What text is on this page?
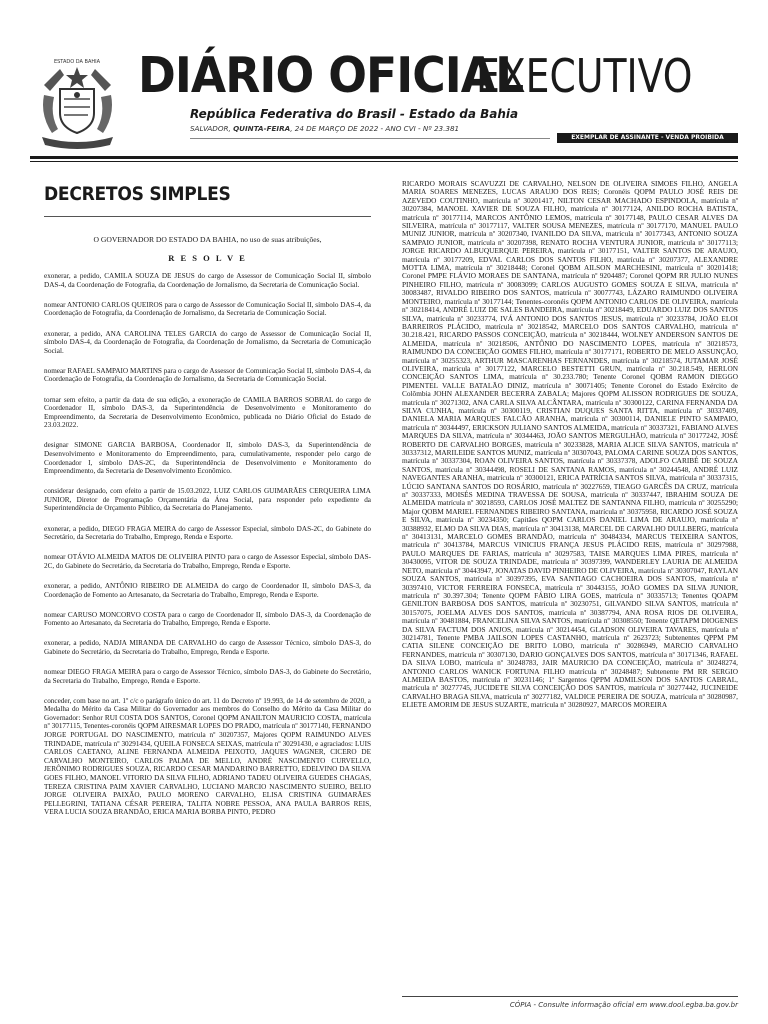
ESTADO DA BAHIA DIÁRIO OFICIAL
EXECUTIVO
República Federativa do Brasil - Estado da Bahia
SALVADOR, QUINTA-FEIRA, 24 DE MARÇO DE 2022 - ANO CVI - Nº 23.381
EXEMPLAR DE ASSINANTE - VENDA PROIBIDA
DECRETOS SIMPLES

O GOVERNADOR DO ESTADO DA BAHIA, no uso de suas atribuições,

R E S O L V E

exonerar, a pedido, CAMILA SOUZA DE JESUS do cargo de Assessor de Comunicação Social II, símbolo DAS-4, da Coordenação de Fotografia, da Coordenação de Jornalismo, da Secretaria de Comunicação Social.

nomear ANTONIO CARLOS QUEIROS para o cargo de Assessor de Comunicação Social II, símbolo DAS-4, da Coordenação de Fotografia, da Coordenação de Jornalismo, da Secretaria de Comunicação Social.

exonerar, a pedido, ANA CAROLINA TELES GARCIA do cargo de Assessor de Comunicação Social II, símbolo DAS-4, da Coordenação de Fotografia, da Coordenação de Jornalismo, da Secretaria de Comunicação Social.

nomear RAFAEL SAMPAIO MARTINS para o cargo de Assessor de Comunicação Social II, símbolo DAS-4, da Coordenação de Fotografia, da Coordenação de Jornalismo, da Secretaria de Comunicação Social.

tornar sem efeito, a partir da data de sua edição, a exoneração de CAMILA BARROS SOBRAL do cargo de Coordenador II, símbolo DAS-3, da Superintendência de Desenvolvimento e Monitoramento do Empreendimento, da Secretaria de Desenvolvimento Econômico, publicada no Diário Oficial do Estado de 23.03.2022.

designar SIMONE GARCIA BARBOSA, Coordenador II, símbolo DAS-3, da Superintendência de Desenvolvimento e Monitoramento do Empreendimento, para, cumulativamente, responder pelo cargo de Coordenador I, símbolo DAS-2C, da Superintendência de Desenvolvimento e Monitoramento do Empreendimento, da Secretaria de Desenvolvimento Econômico.

considerar designado, com efeito a partir de 15.03.2022, LUIZ CARLOS GUIMARÃES CERQUEIRA LIMA JUNIOR, Diretor de Programação Orçamentária da Área Social, para responder pelo expediente da Superintendência de Orçamento Público, da Secretaria do Planejamento.

exonerar, a pedido, DIEGO FRAGA MEIRA do cargo de Assessor Especial, símbolo DAS-2C, do Gabinete do Secretário, da Secretaria do Trabalho, Emprego, Renda e Esporte.

nomear OTÁVIO ALMEIDA MATOS DE OLIVEIRA PINTO para o cargo de Assessor Especial, símbolo DAS-2C, do Gabinete do Secretário, da Secretaria do Trabalho, Emprego, Renda e Esporte.

exonerar, a pedido, ANTÔNIO RIBEIRO DE ALMEIDA do cargo de Coordenador II, símbolo DAS-3, da Coordenação de Fomento ao Artesanato, da Secretaria do Trabalho, Emprego, Renda e Esporte.

nomear CARUSO MONCORVO COSTA para o cargo de Coordenador II, símbolo DAS-3, da Coordenação de Fomento ao Artesanato, da Secretaria do Trabalho, Emprego, Renda e Esporte.

exonerar, a pedido, NADJA MIRANDA DE CARVALHO do cargo de Assessor Técnico, símbolo DAS-3, do Gabinete do Secretário, da Secretaria do Trabalho, Emprego, Renda e Esporte.

nomear DIEGO FRAGA MEIRA para o cargo de Assessor Técnico, símbolo DAS-3, do Gabinete do Secretário, da Secretaria do Trabalho, Emprego, Renda e Esporte.

conceder, com base no art. 1º c/c o parágrafo único do art. 11 do Decreto nº 19.993, de 14 de setembro de 2020, a Medalha do Mérito da Casa Militar do Governador aos membros do Conselho do Mérito da Casa Militar do Governador: Senhor RUI COSTA DOS SANTOS, Coronel QOPM ANAILTON MAURICIO COSTA, matrícula nº 30177115, Tenentes-coronéis QOPM AIRESMAR LOPES DO PRADO, matrícula nº 30177140, FERNANDO JORGE PORTUGAL DO NASCIMENTO, matrícula nº 30207357, Majores QOPM RAIMUNDO ALVES TRINDADE, matrícula nº 30291434, QUEILA FONSECA SEIXAS, matrícula nº 30291430, e agraciados: LUIS CARLOS CAETANO, ALINE FERNANDA ALMEIDA PEIXOTO, JAQUES WAGNER, CICERO DE CARVALHO MONTEIRO, CARLOS PALMA DE MELLO, ANDRÉ NASCIMENTO CURVELLO, JERÔNIMO RODRIGUES SOUZA, RICARDO CESAR MANDARINO BARRETTO, EDELVINO DA SILVA GOES FILHO, MANOEL VITORIO DA SILVA FILHO, ADRIANO TADEU OLIVEIRA GUEDES CHAGAS, TEREZA CRISTINA PAIM XAVIER CARVALHO, LUCIANO MARCIO NASCIMENTO SUEIRO, BELIO JORGE OLIVEIRA PAIXÃO, PAULO MORENO CARVALHO, ELISA CRISTINA GUIMARÃES PELLEGRINI, TATIANA CÉSAR PEREIRA, TALITA NOBRE PESSOA, ANA PAULA BARROS REIS, VERA LUCIA SOUZA BRANDÃO, ERICA MARIA BORBA PINTO, PEDRO

RICARDO MORAIS SCAVUZZI DE CARVALHO, NELSON DE OLIVEIRA SIMOES FILHO, ANGELA MARIA SOARES MENEZES, LUCAS ARAUJO DOS REIS; Coronéis QOPM PAULO JOSÉ REIS DE AZEVEDO COUTINHO, matrícula nº 30201417, NILTON CESAR MACHADO ESPINDOLA, matrícula nº 30207384, MANOEL XAVIER DE SOUZA FILHO, matrícula nº 30177124, ANILDO ROCHA BATISTA, matrícula nº 30177114, MARCOS ANTÔNIO LEMOS, matrícula nº 30177148, PAULO CESAR ALVES DA SILVEIRA, matrícula nº 30177117, VALTER SOUSA MENEZES, matrícula nº 30177170, MANUEL PAULO MUNIZ JUNIOR, matrícula nº 30207340, IVANILDO DA SILVA, matrícula nº 30177343, ANTONIO SOUZA SAMPAIO JUNIOR, matrícula nº 30207398, RENATO ROCHA VENTURA JUNIOR, matrícula nº 30177113; JORGE RICARDO ALBUQUERQUE PEREIRA, matrícula nº 30177151, VALTER SANTOS DE ARAUJO, matrícula nº 30177209, EDVAL CARLOS DOS SANTOS FILHO, matrícula nº 30207377, ALEXANDRE MOTTA LIMA, matrícula nº 30218448; Coronel QOBM AILSON MARCHESINI, matrícula nº 30201418; Coronel PMPE FLÁVIO MORAES DE SANTANA, matrícula nº 9204487; Coronel QOPM RR JULIO NUNES PINHEIRO FILHO, matrícula nº 30083099; CARLOS AUGUSTO GOMES SOUZA E SILVA, matrícula nº 30083487, RIVALDO RIBEIRO DOS SANTOS, matrícula nº 30077743, LÁZARO RAIMUNDO OLIVEIRA MONTEIRO, matrícula nº 30177144; Tenentes-coronéis QOPM ANTONIO CARLOS DE OLIVEIRA, matrícula nº 30218414, ANDRÉ LUIZ DE SALES BANDEIRA, matrícula nº 30218449, EDUARDO LUIZ DOS SANTOS SILVA, matrícula nº 30233774, IVÁ ANTONIO DOS SANTOS JESUS, matrícula nº 30233784, JOÃO ELOI BARREIROS PLÁCIDO, matrícula nº 30218542, MARCELO DOS SANTOS CARVALHO, matrícula nº 30.218.421, RICARDO PASSOS CONCEIÇÃO, matrícula nº 30218444, WOLNEY ANDERSON SANTOS DE ALMEIDA, matrícula nº 30218506, ANTÔNIO DO NASCIMENTO LOPES, matrícula nº 30218573, RAIMUNDO DA CONCEIÇÃO GOMES FILHO, matrícula nº 30177171, ROBERTO DE MELO ASSUNÇÃO, matrícula nº 30255323, ARTHUR MASCARENHAS FERNANDES, matrícula nº 30218574, JUTAMAR JOSÉ OLIVEIRA, matrícula nº 30177122, MARCELO BESTETTI GRUN, matrícula nº 30.218.549, HERLON CONCEIÇÃO SANTOS LIMA, matrícula nº 30.233.780; Tenente Coronel QOBM RAMON DIEGGO PIMENTEL VALLE BATALÃO DINIZ, matrícula nº 30071405; Tenente Coronel do Estado Exército de Colômbia JOHN ALEXANDER BECERRA ZABALA; Majores QOPM ALISSON RODRIGUES DE SOUZA, matrícula nº 30271302, ANA CARLA SILVA ALCÂNTARA, matrícula nº 30300122, CARINA FERNANDA DA SILVA CUNHA, matrícula nº 30300119, CRISTIAN DUQUES SANTA RITTA, matrícula nº 30337409, DANIELA MARIA MARQUES FALCÃO ARANHA, matrícula nº 30300114, DANIELE PINTO SAMPAIO, matrícula nº 30344497, ERICKSON JULIANO SANTOS ALMEIDA, matrícula nº 30337321, FABIANO ALVES MARQUES DA SILVA, matrícula nº 30344463, JOÃO SANTOS MERGULHÃO, matrícula nº 30177242, JOSÉ ROBERTO DE CARVALHO BORGES, matrícula nº 30233828, MARIA ALICE SILVA SANTOS, matrícula nº 30337312, MARILEIDE SANTOS MUNIZ, matrícula nº 30307043, PALOMA CARINE SOUZA DOS SANTOS, matrícula nº 30337304, ROAN OLIVEIRA SANTOS, matrícula nº 30337378, ADOLFO CARIBÉ DE SOUZA SANTOS, matrícula nº 30344498, ROSELI DE SANTANA RAMOS, matrícula nº 30244548, ANDRÉ LUIZ NAVEGANTES ARANHA, matrícula nº 30300121, ERICA PATRÍCIA SANTOS SILVA, matrícula nº 30337315, LÚCIO SANTANA SANTOS DO ROSÁRIO, matrícula nº 30227659, TIEAGO GARCÊS DA CRUZ, matrícula nº 30337333, MOISÉS MEDINA TRAVESSA DE SOUSA, matrícula nº 30337447, IBRAHIM SOUZA DE ALMEIDA matrícula nº 30218593, CARLOS JOSÉ MALTEZ DE SANTANNA FILHO, matrícula nº 30255290; Major QOBM MARIEL FERNANDES RIBEIRO SANTANA, matrícula nº 30375958, RICARDO JOSÉ SOUZA E SILVA, matrícula nº 30234350; Capitães QOPM CARLOS DANIEL LIMA DE ARAUJO, matrícula nº 30388932, ELMO DA SILVA DIAS, matrícula nº 30413138, MARCEL DE CARVALHO DULLBERG, matrícula nº 30413131, MARCELO GOMES BRANDÃO, matrícula nº 30484334, MARCUS TEIXEIRA SANTOS, matrícula nº 30413784, MARCUS VINICIUS FRANÇA JESUS PLÁCIDO REIS, matrícula nº 30297988, PAULO MARQUES DE FARIAS, matrícula nº 30297583, TAISE MARQUES LIMA PIRES, matrícula nº 30430095, VITOR DE SOUZA TRINDADE, matrícula nº 30397399, WANDERLEY LAURIA DE ALMEIDA NETO, matrícula nº 30443947, JONATAS DAVID PINHEIRO DE OLIVEIRA, matrícula nº 30307047, RAYLAN SOUZA SANTOS, matrícula nº 30397395, EVA SANTIAGO CACHOEIRA DOS SANTOS, matrícula nº 30397410, VICTOR FERREIRA FONSECA, matrícula nº 30443155, JOÃO GOMES DA SILVA JUNIOR, matrícula nº 30.397.304; Tenente QOPM FÁBIO LIRA GOES, matrícula nº 30335713; Tenentes QOAPM GENILTON BARBOSA DOS SANTOS, matrícula nº 30230751, GILVANDO SILVA SANTOS, matrícula nº 30157075, JOELMA ALVES DOS SANTOS, matrícula nº 30387794, ANA ROSA RIOS DE OLIVEIRA, matrícula nº 30481884, FRANCELINA SILVA SANTOS, matrícula nº 30308550; Tenente QETAPM DIOGENES DA SILVA FACTUM DOS ANJOS, matrícula nº 30214454, GLADSON OLIVEIRA TAVARES, matrícula nº 30214781, Tenente PMBA JAILSON LOPES CASTANHO, matrícula nº 2623723; Subtenentes QPPM PM CATIA SILENE CONCEIÇÃO DE BRITO LOBO, matrícula nº 30286949, MARCIO CARVALHO FERNANDES, matrícula nº 30307130, DARIO GONÇALVES DOS SANTOS, matrícula nº 30171346, RAFAEL DA SILVA LOBO, matrícula nº 30248783, JAIR MAURICIO DA CONCEIÇÃO, matrícula nº 30248274, ANTONIO CARLOS WANICK FORTUNA FILHO matrícula nº 30248487; Subtenente PM RR SERGIO ALMEIDA BASTOS, matrícula nº 30231146; 1º Sargentos QPPM ADMILSON DOS SANTOS CABRAL, matrícula nº 30277745, JUCIDETE SILVA CONCEIÇÃO DOS SANTOS, matrícula nº 30277442, JUCINEIDE CARVALHO BRAGA SILVA, matrícula nº 30277182, VALDICE PEREIRA DE SOUZA, matrícula nº 30280987, ELIETE AMORIM DE JESUS SUZARTE, matrícula nº 30280927, MARCOS MOREIRA

CÓPIA - Consulte informação oficial em www.dool.egba.ba.gov.br
